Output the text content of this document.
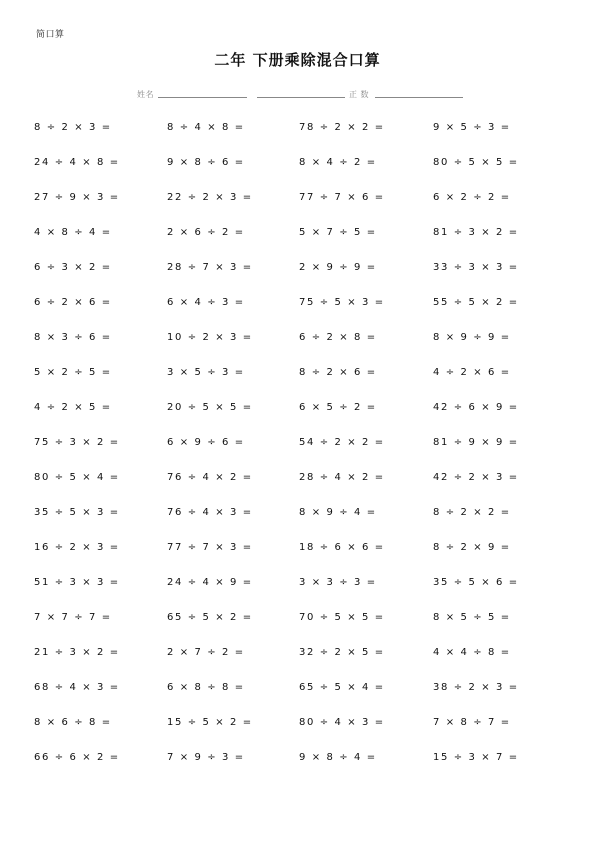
简口算
二年 下册乘除混合口算
姓名	正 数
8 ÷ 2 × 3 =	8 ÷ 4 × 8 =	78 ÷ 2 × 2 =	9 × 5 ÷ 3 =
24 ÷ 4 × 8 =	9 × 8 ÷ 6 =	8 × 4 ÷ 2 =	80 ÷ 5 × 5 =
27 ÷ 9 × 3 =	22 ÷ 2 × 3 =	77 ÷ 7 × 6 =	6 × 2 ÷ 2 =
4 × 8 ÷ 4 =	2 × 6 ÷ 2 =	5 × 7 ÷ 5 =	81 ÷ 3 × 2 =
6 ÷ 3 × 2 =	28 ÷ 7 × 3 =	2 × 9 ÷ 9 =	33 ÷ 3 × 3 =
6 ÷ 2 × 6 =	6 × 4 ÷ 3 =	75 ÷ 5 × 3 =	55 ÷ 5 × 2 =
8 × 3 ÷ 6 =	10 ÷ 2 × 3 =	6 ÷ 2 × 8 =	8 × 9 ÷ 9 =
5 × 2 ÷ 5 =	3 × 5 ÷ 3 =	8 ÷ 2 × 6 =	4 ÷ 2 × 6 =
4 ÷ 2 × 5 =	20 ÷ 5 × 5 =	6 × 5 ÷ 2 =	42 ÷ 6 × 9 =
75 ÷ 3 × 2 =	6 × 9 ÷ 6 =	54 ÷ 2 × 2 =	81 ÷ 9 × 9 =
80 ÷ 5 × 4 =	76 ÷ 4 × 2 =	28 ÷ 4 × 2 =	42 ÷ 2 × 3 =
35 ÷ 5 × 3 =	76 ÷ 4 × 3 =	8 × 9 ÷ 4 =	8 ÷ 2 × 2 =
16 ÷ 2 × 3 =	77 ÷ 7 × 3 =	18 ÷ 6 × 6 =	8 ÷ 2 × 9 =
51 ÷ 3 × 3 =	24 ÷ 4 × 9 =	3 × 3 ÷ 3 =	35 ÷ 5 × 6 =
7 × 7 ÷ 7 =	65 ÷ 5 × 2 =	70 ÷ 5 × 5 =	8 × 5 ÷ 5 =
21 ÷ 3 × 2 =	2 × 7 ÷ 2 =	32 ÷ 2 × 5 =	4 × 4 ÷ 8 =
68 ÷ 4 × 3 =	6 × 8 ÷ 8 =	65 ÷ 5 × 4 =	38 ÷ 2 × 3 =
8 × 6 ÷ 8 =	15 ÷ 5 × 2 =	80 ÷ 4 × 3 =	7 × 8 ÷ 7 =
66 ÷ 6 × 2 =	7 × 9 ÷ 3 =	9 × 8 ÷ 4 =	15 ÷ 3 × 7 =
